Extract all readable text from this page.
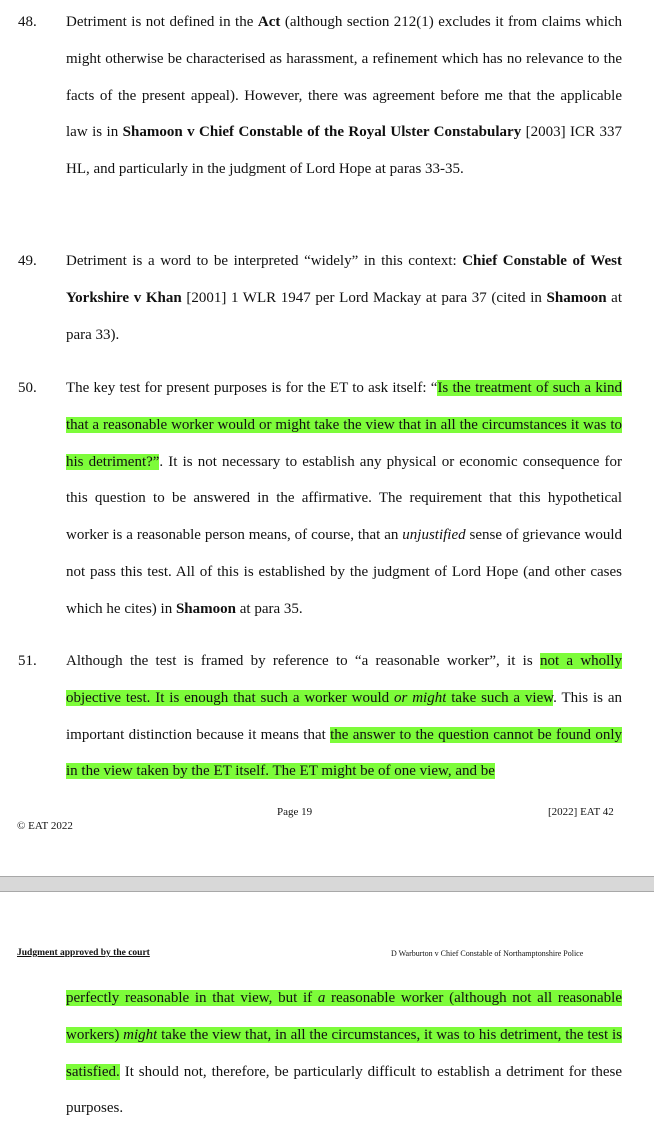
48. Detriment is not defined in the Act (although section 212(1) excludes it from claims which might otherwise be characterised as harassment, a refinement which has no relevance to the facts of the present appeal). However, there was agreement before me that the applicable law is in Shamoon v Chief Constable of the Royal Ulster Constabulary [2003] ICR 337 HL, and particularly in the judgment of Lord Hope at paras 33-35.

49. Detriment is a word to be interpreted “widely” in this context: Chief Constable of West Yorkshire v Khan [2001] 1 WLR 1947 per Lord Mackay at para 37 (cited in Shamoon at para 33).

50. The key test for present purposes is for the ET to ask itself: “Is the treatment of such a kind that a reasonable worker would or might take the view that in all the circumstances it was to his detriment?”. It is not necessary to establish any physical or economic consequence for this question to be answered in the affirmative. The requirement that this hypothetical worker is a reasonable person means, of course, that an unjustified sense of grievance would not pass this test. All of this is established by the judgment of Lord Hope (and other cases which he cites) in Shamoon at para 35.

51. Although the test is framed by reference to “a reasonable worker”, it is not a wholly objective test. It is enough that such a worker would or might take such a view. This is an important distinction because it means that the answer to the question cannot be found only in the view taken by the ET itself. The ET might be of one view, and be

Page 19	[2022] EAT 42
© EAT 2022
Judgment approved by the court	D Warburton v Chief Constable of Northamptonshire Police

perfectly reasonable in that view, but if a reasonable worker (although not all reasonable workers) might take the view that, in all the circumstances, it was to his detriment, the test is satisfied. It should not, therefore, be particularly difficult to establish a detriment for these purposes.
